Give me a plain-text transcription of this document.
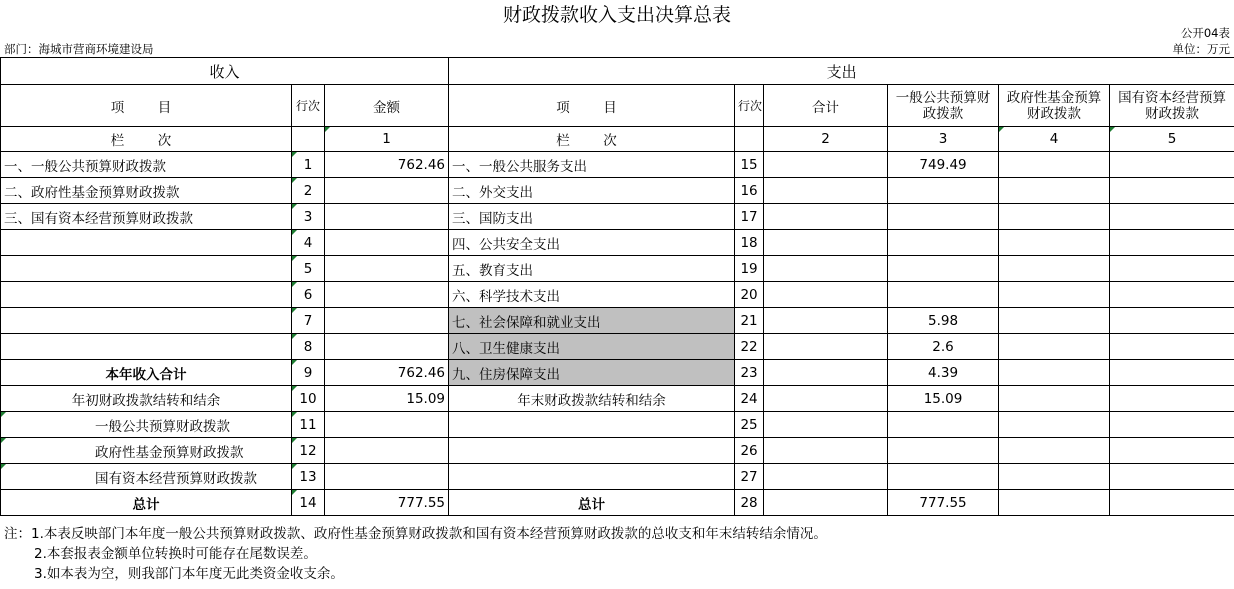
财政拨款收入支出决算总表
公开04表
部门：海城市营商环境建设局	单位：万元
收入			支出					
项　目	行次	金额	项　目	行次	合计	一般公共预算财政拨款	政府性基金预算财政拨款	国有资本经营预算财政拨款
栏　次		1	栏　次		2	3	4	5
一、一般公共预算财政拨款	1	762.46	一、一般公共服务支出	15		749.49		
二、政府性基金预算财政拨款	2		二、外交支出	16				
三、国有资本经营预算财政拨款	3		三、国防支出	17				
	4		四、公共安全支出	18				
	5		五、教育支出	19				
	6		六、科学技术支出	20				
	7		七、社会保障和就业支出	21		5.98		
	8		八、卫生健康支出	22		2.6		
本年收入合计	9	762.46	九、住房保障支出	23		4.39		
年初财政拨款结转和结余	10	15.09	年末财政拨款结转和结余	24		15.09		
一般公共预算财政拨款	11			25				
政府性基金预算财政拨款	12			26				
国有资本经营预算财政拨款	13			27				
总计	14	777.55	总计	28		777.55		
注：1.本表反映部门本年度一般公共预算财政拨款、政府性基金预算财政拨款和国有资本经营预算财政拨款的总收支和年末结转结余情况。
2.本套报表金额单位转换时可能存在尾数误差。
3.如本表为空，则我部门本年度无此类资金收支余。
